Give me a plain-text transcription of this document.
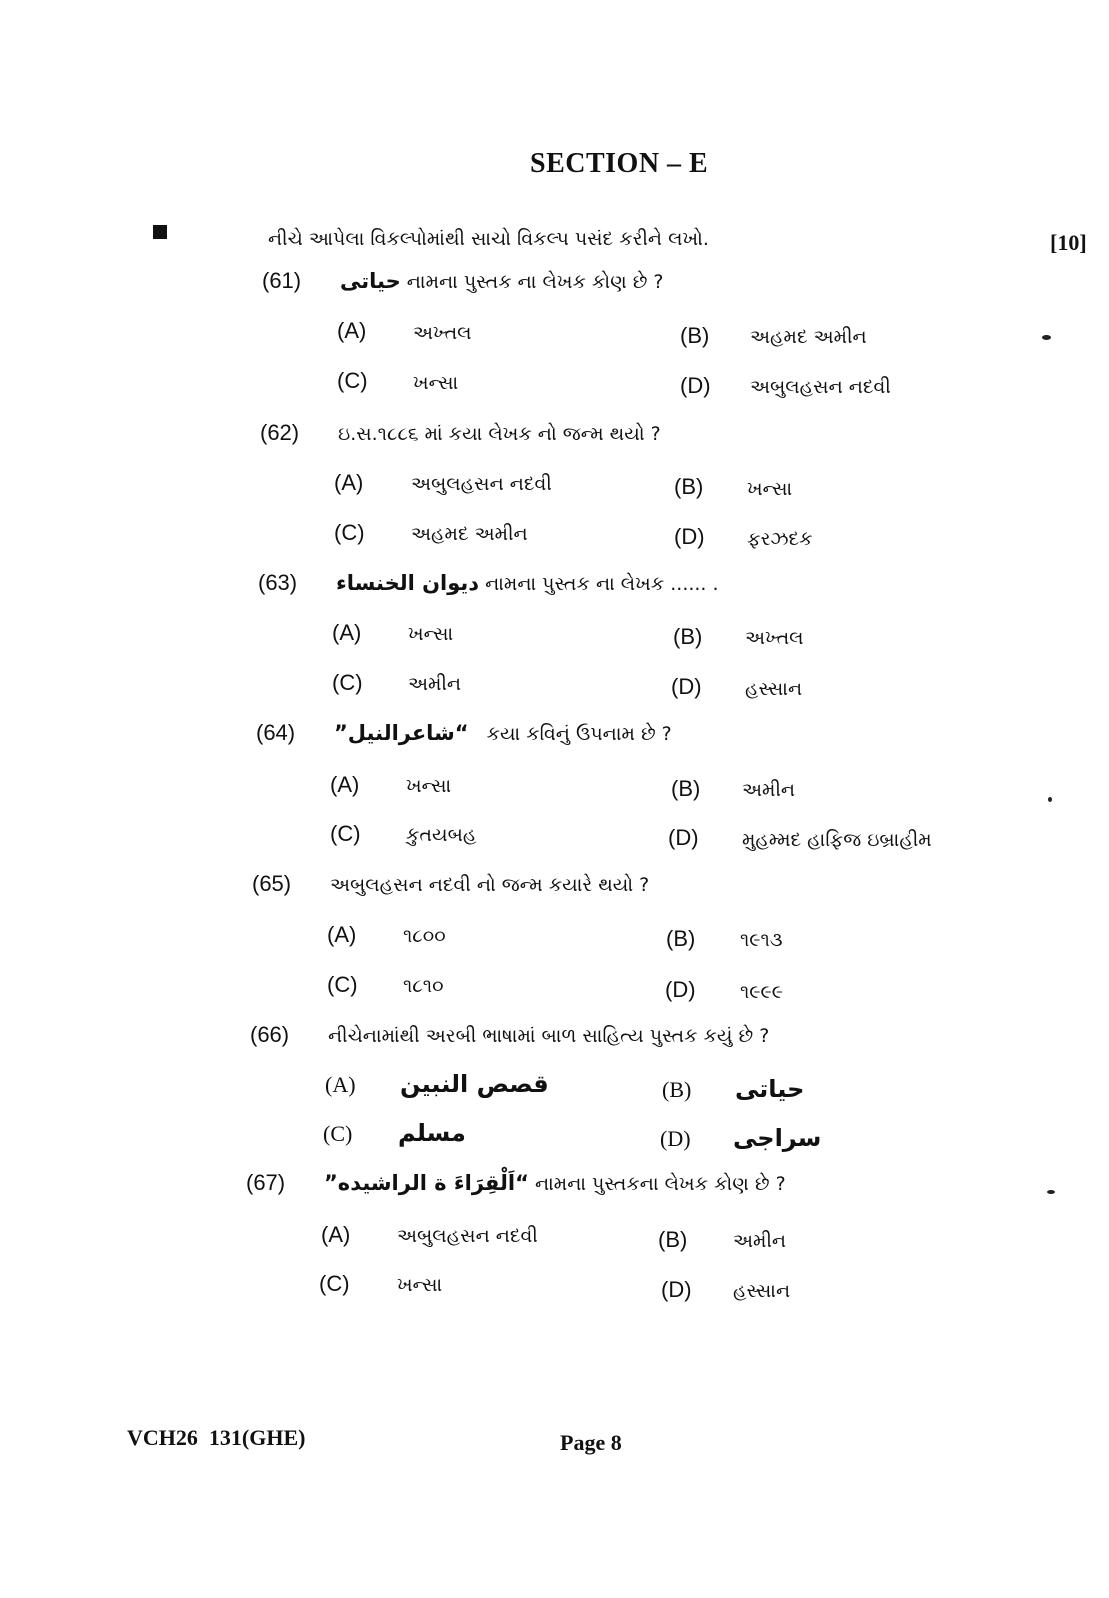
SECTION – E
નીચે આપેલા વિકલ્પોમાંથી સાચો વિકલ્પ પસંદ કરીને લખો.	[10]
(61)	حياتی નામના પુસ્તક ના લેખક કોણ છે ?
(A) અખ્તલ	(B) અહમદ અમીન
(C) ખન્સા	(D) અબુલહસન નદવી
(62)	ઇ.સ.૧૮૮૬ માં કયા લેખક નો જન્મ થયો ?
(A)	અબુલહસન નદવી	(B) ખન્સા
(C) અહમદ અમીન	(D) ફરઝદક
(63)	ديوان الخنساء નામના પુસ્તક ના લેખક ...... .
(A) ખન્સા	(B) અખ્તલ
(C) અમીન	(D) હસ્સાન
(64)	“شاعرالنيل” કયા કવિનું ઉપનામ છે ?
(A) ખન્સા	(B) અમીન
(C) કુતયબહ	(D) મુહમ્મદ હાફિજ ઇબ્રાહીમ
(65)	અબુલહસન નદવી નો જન્મ કયારે થયો ?
(A) ૧૮૦૦	(B) ૧૯૧૩
(C) ૧૮૧૦	(D) ૧૯૯૯
(66)	નીચેનામાંથી અરબી ભાષામાં બાળ સાહિત્ય પુસ્તક કયું છે ?
(A) قصص النبين	(B) حياتی
(C) مسلم	(D) سراجی
(67)	“اَلْقِرَاءَ ة الراشيده” નામના પુસ્તકના લેખક કોણ છે ?
(A) અબુલહસન નદવી	(B) અમીન
(C) ખન્સા	(D) હસ્સાન
VCH26  131(GHE)	Page 8
